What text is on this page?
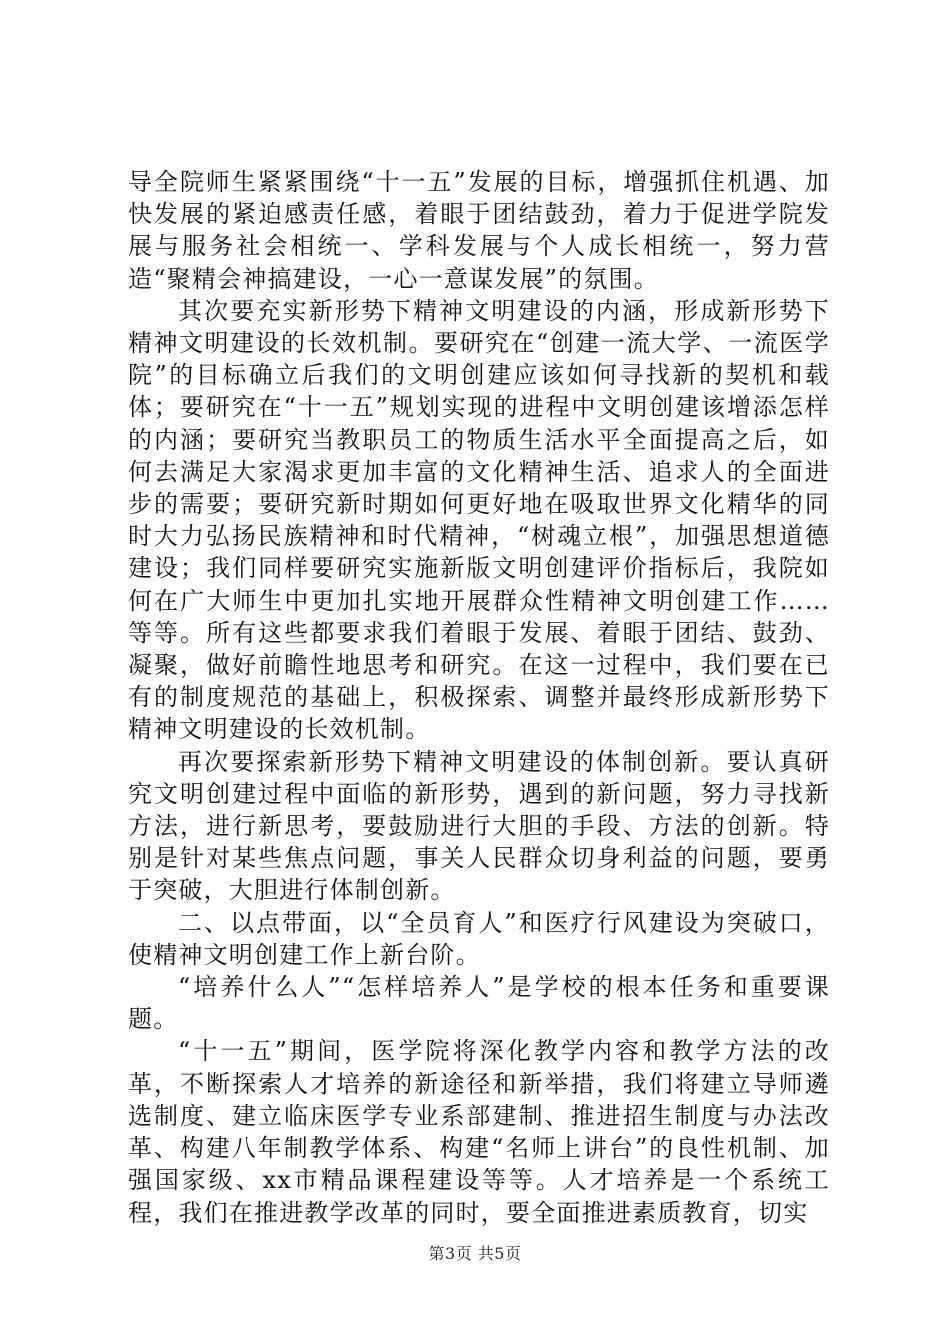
导全院师生紧紧围绕“十一五”发展的目标，增强抓住机遇、加快发展的紧迫感责任感，着眼于团结鼓劲，着力于促进学院发展与服务社会相统一、学科发展与个人成长相统一，努力营造“聚精会神搞建设，一心一意谋发展”的氛围。

其次要充实新形势下精神文明建设的内涵，形成新形势下精神文明建设的长效机制。要研究在“创建一流大学、一流医学院”的目标确立后我们的文明创建应该如何寻找新的契机和载体；要研究在“十一五”规划实现的进程中文明创建该增添怎样的内涵；要研究当教职员工的物质生活水平全面提高之后，如何去满足大家渴求更加丰富的文化精神生活、追求人的全面进步的需要；要研究新时期如何更好地在吸取世界文化精华的同时大力弘扬民族精神和时代精神，“树魂立根”，加强思想道德建设；我们同样要研究实施新版文明创建评价指标后，我院如何在广大师生中更加扎实地开展群众性精神文明创建工作……等等。所有这些都要求我们着眼于发展、着眼于团结、鼓劲、凝聚，做好前瞻性地思考和研究。在这一过程中，我们要在已有的制度规范的基础上，积极探索、调整并最终形成新形势下精神文明建设的长效机制。

再次要探索新形势下精神文明建设的体制创新。要认真研究文明创建过程中面临的新形势，遇到的新问题，努力寻找新方法，进行新思考，要鼓励进行大胆的手段、方法的创新。特别是针对某些焦点问题，事关人民群众切身利益的问题，要勇于突破，大胆进行体制创新。

二、以点带面，以“全员育人”和医疗行风建设为突破口，使精神文明创建工作上新台阶。

“培养什么人”“怎样培养人”是学校的根本任务和重要课题。

“十一五”期间，医学院将深化教学内容和教学方法的改革，不断探索人才培养的新途径和新举措，我们将建立导师遴选制度、建立临床医学专业系部建制、推进招生制度与办法改革、构建八年制教学体系、构建“名师上讲台”的良性机制、加强国家级、xx市精品课程建设等等。人才培养是一个系统工程，我们在推进教学改革的同时，要全面推进素质教育，切实

第3页 共5页
